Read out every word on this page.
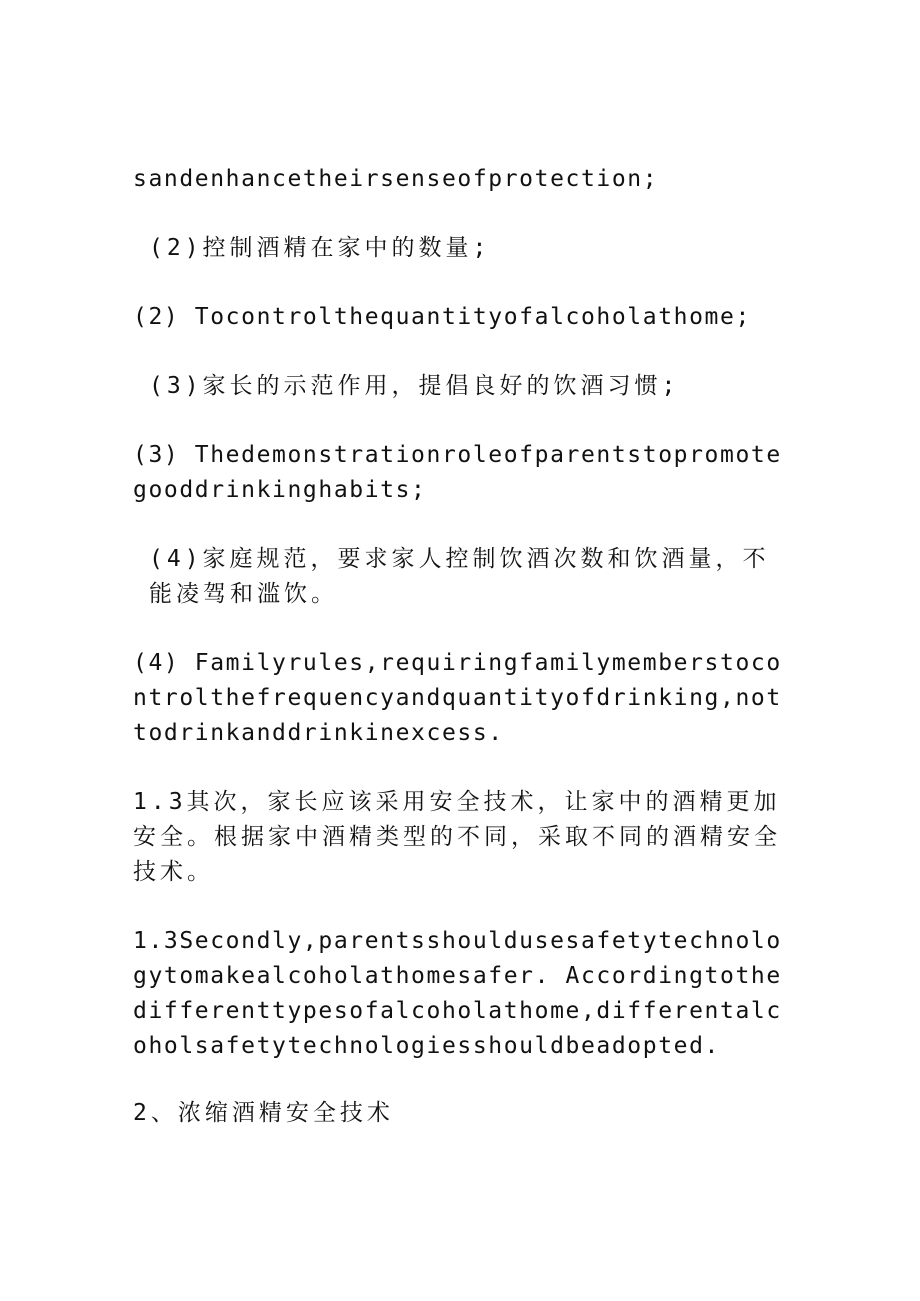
sandenhancetheirsenseofprotection;

(2)控制酒精在家中的数量;

(2) Tocontrolthequantityofalcoholathome;

(3)家长的示范作用，提倡良好的饮酒习惯;

(3) Thedemonstrationroleofparentstopromotegooddrinkinghabits;

(4)家庭规范，要求家人控制饮酒次数和饮酒量，不能凌驾和滥饮。

(4) Familyrules,requiringfamilymemberstocontrolthefrequencyandquantityofdrinking,nottodrinkanddrinkinexcess.

1.3其次，家长应该采用安全技术，让家中的酒精更加安全。根据家中酒精类型的不同，采取不同的酒精安全技术。

1.3Secondly,parentsshouldusesafetytechnologytomakealcoholathomesafer. Accordingtothedifferenttypesofalcoholathome,differentalcoholsafetytechnologiesshouldbeadopted.

2、浓缩酒精安全技术
